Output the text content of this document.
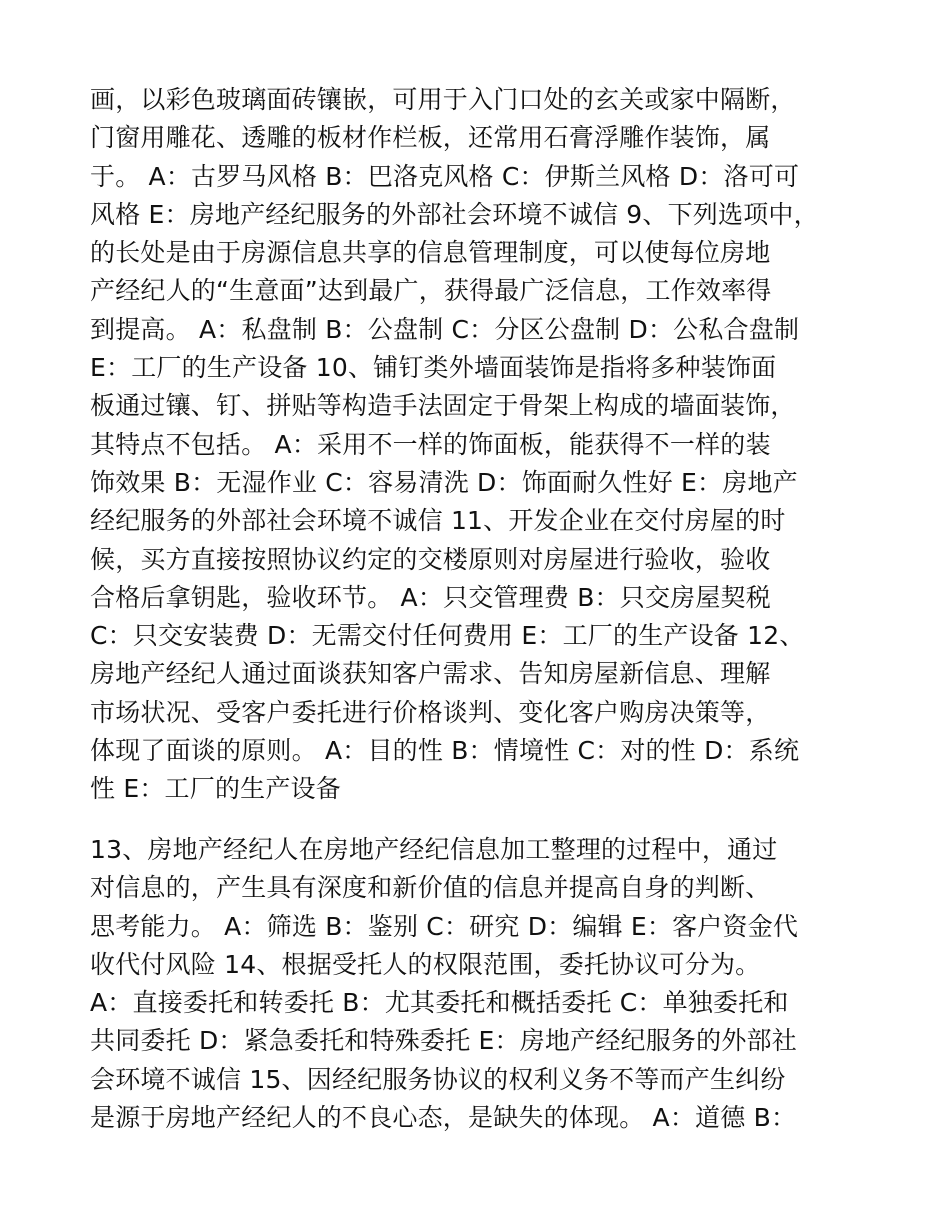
画，以彩色玻璃面砖镶嵌，可用于入门口处的玄关或家中隔断，
门窗用雕花、透雕的板材作栏板，还常用石膏浮雕作装饰，属
于。 A：古罗马风格 B：巴洛克风格 C：伊斯兰风格 D：洛可可
风格 E：房地产经纪服务的外部社会环境不诚信 9、下列选项中，
的长处是由于房源信息共享的信息管理制度，可以使每位房地
产经纪人的“生意面”达到最广，获得最广泛信息，工作效率得
到提高。 A：私盘制 B：公盘制 C：分区公盘制 D：公私合盘制
E：工厂的生产设备 10、铺钉类外墙面装饰是指将多种装饰面
板通过镶、钉、拼贴等构造手法固定于骨架上构成的墙面装饰，
其特点不包括。 A：采用不一样的饰面板，能获得不一样的装
饰效果 B：无湿作业 C：容易清洗 D：饰面耐久性好 E：房地产
经纪服务的外部社会环境不诚信 11、开发企业在交付房屋的时
候，买方直接按照协议约定的交楼原则对房屋进行验收，验收
合格后拿钥匙，验收环节。 A：只交管理费 B：只交房屋契税
C：只交安装费 D：无需交付任何费用 E：工厂的生产设备 12、
房地产经纪人通过面谈获知客户需求、告知房屋新信息、理解
市场状况、受客户委托进行价格谈判、变化客户购房决策等，
体现了面谈的原则。 A：目的性 B：情境性 C：对的性 D：系统
性 E：工厂的生产设备
13、房地产经纪人在房地产经纪信息加工整理的过程中，通过
对信息的，产生具有深度和新价值的信息并提高自身的判断、
思考能力。 A：筛选 B：鉴别 C：研究 D：编辑 E：客户资金代
收代付风险 14、根据受托人的权限范围，委托协议可分为。
A：直接委托和转委托 B：尤其委托和概括委托 C：单独委托和
共同委托 D：紧急委托和特殊委托 E：房地产经纪服务的外部社
会环境不诚信 15、因经纪服务协议的权利义务不等而产生纠纷
是源于房地产经纪人的不良心态，是缺失的体现。 A：道德 B：
